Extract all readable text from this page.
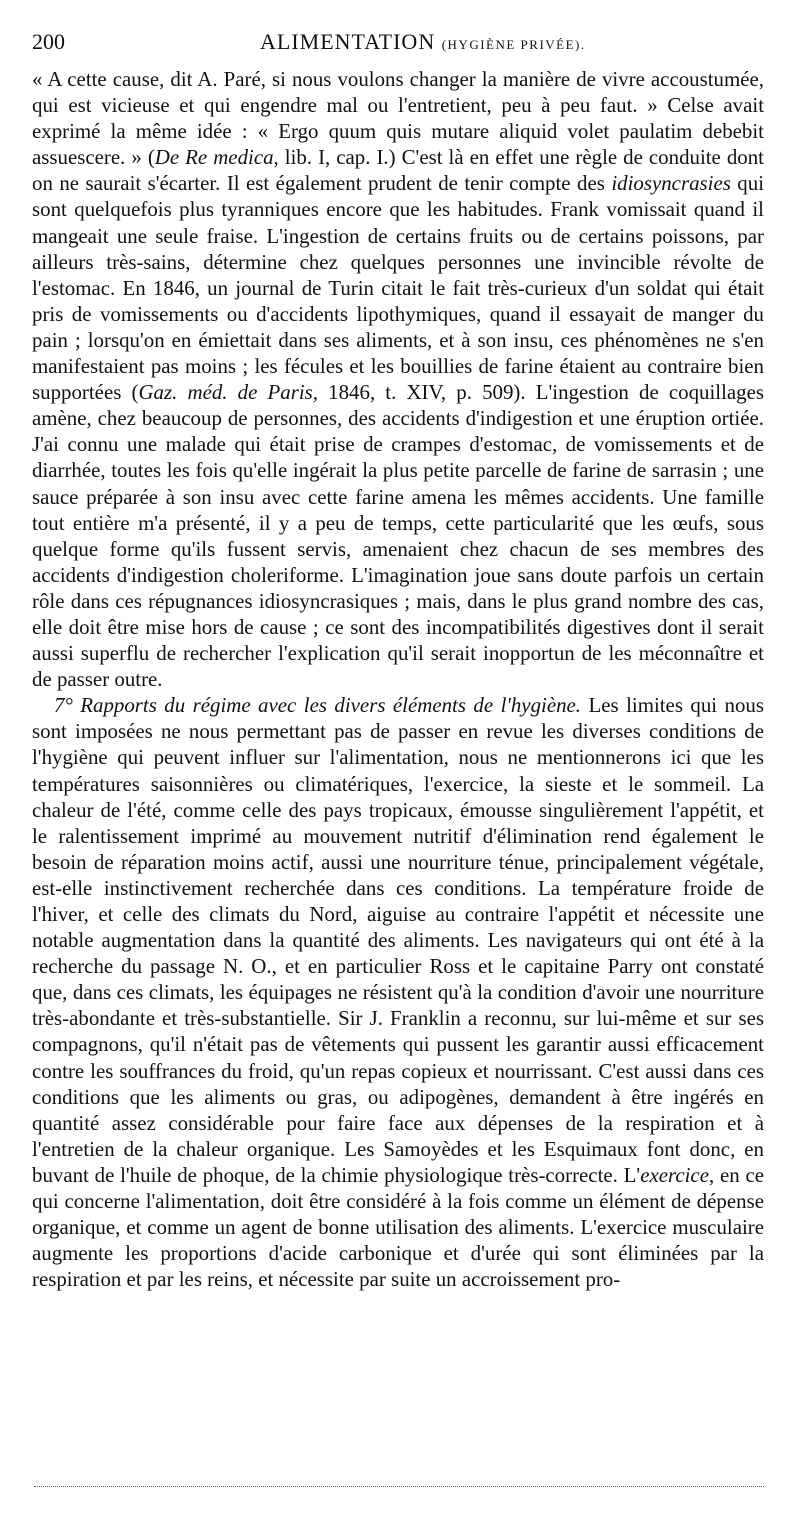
200	ALIMENTATION (HYGIÈNE PRIVÉE).

« A cette cause, dit A. Paré, si nous voulons changer la manière de vivre accoustumée, qui est vicieuse et qui engendre mal ou l'entretient, peu à peu faut. » Celse avait exprimé la même idée : « Ergo quum quis mutare aliquid volet paulatim debebit assuescere. » (De Re medica, lib. I, cap. I.) C'est là en effet une règle de conduite dont on ne saurait s'écarter. Il est également prudent de tenir compte des idiosyncrasies qui sont quelquefois plus tyranniques encore que les habitudes. Frank vomissait quand il mangeait une seule fraise. L'ingestion de certains fruits ou de certains poissons, par ailleurs très-sains, détermine chez quelques personnes une invincible révolte de l'estomac. En 1846, un journal de Turin citait le fait très-curieux d'un soldat qui était pris de vomissements ou d'accidents lipothymiques, quand il essayait de manger du pain ; lorsqu'on en émiettait dans ses aliments, et à son insu, ces phénomènes ne s'en manifestaient pas moins ; les fécules et les bouillies de farine étaient au contraire bien supportées (Gaz. méd. de Paris, 1846, t. XIV, p. 509). L'ingestion de coquillages amène, chez beaucoup de personnes, des accidents d'indigestion et une éruption ortiée. J'ai connu une malade qui était prise de crampes d'estomac, de vomissements et de diarrhée, toutes les fois qu'elle ingérait la plus petite parcelle de farine de sarrasin ; une sauce préparée à son insu avec cette farine amena les mêmes accidents. Une famille tout entière m'a présenté, il y a peu de temps, cette particularité que les œufs, sous quelque forme qu'ils fussent servis, amenaient chez chacun de ses membres des accidents d'indigestion choleriforme. L'imagination joue sans doute parfois un certain rôle dans ces répugnances idiosyncrasiques ; mais, dans le plus grand nombre des cas, elle doit être mise hors de cause ; ce sont des incompatibilités digestives dont il serait aussi superflu de rechercher l'explication qu'il serait inopportun de les méconnaître et de passer outre.

7° Rapports du régime avec les divers éléments de l'hygiène. Les limites qui nous sont imposées ne nous permettant pas de passer en revue les diverses conditions de l'hygiène qui peuvent influer sur l'alimentation, nous ne mentionnerons ici que les températures saisonnières ou climatériques, l'exercice, la sieste et le sommeil. La chaleur de l'été, comme celle des pays tropicaux, émousse singulièrement l'appétit, et le ralentissement imprimé au mouvement nutritif d'élimination rend également le besoin de réparation moins actif, aussi une nourriture ténue, principalement végétale, est-elle instinctivement recherchée dans ces conditions. La température froide de l'hiver, et celle des climats du Nord, aiguise au contraire l'appétit et nécessite une notable augmentation dans la quantité des aliments. Les navigateurs qui ont été à la recherche du passage N. O., et en particulier Ross et le capitaine Parry ont constaté que, dans ces climats, les équipages ne résistent qu'à la condition d'avoir une nourriture très-abondante et très-substantielle. Sir J. Franklin a reconnu, sur lui-même et sur ses compagnons, qu'il n'était pas de vêtements qui pussent les garantir aussi efficacement contre les souffrances du froid, qu'un repas copieux et nourrissant. C'est aussi dans ces conditions que les aliments ou gras, ou adipogènes, demandent à être ingérés en quantité assez considérable pour faire face aux dépenses de la respiration et à l'entretien de la chaleur organique. Les Samoyèdes et les Esquimaux font donc, en buvant de l'huile de phoque, de la chimie physiologique très-correcte. L'exercice, en ce qui concerne l'alimentation, doit être considéré à la fois comme un élément de dépense organique, et comme un agent de bonne utilisation des aliments. L'exercice musculaire augmente les proportions d'acide carbonique et d'urée qui sont éliminées par la respiration et par les reins, et nécessite par suite un accroissement pro-
